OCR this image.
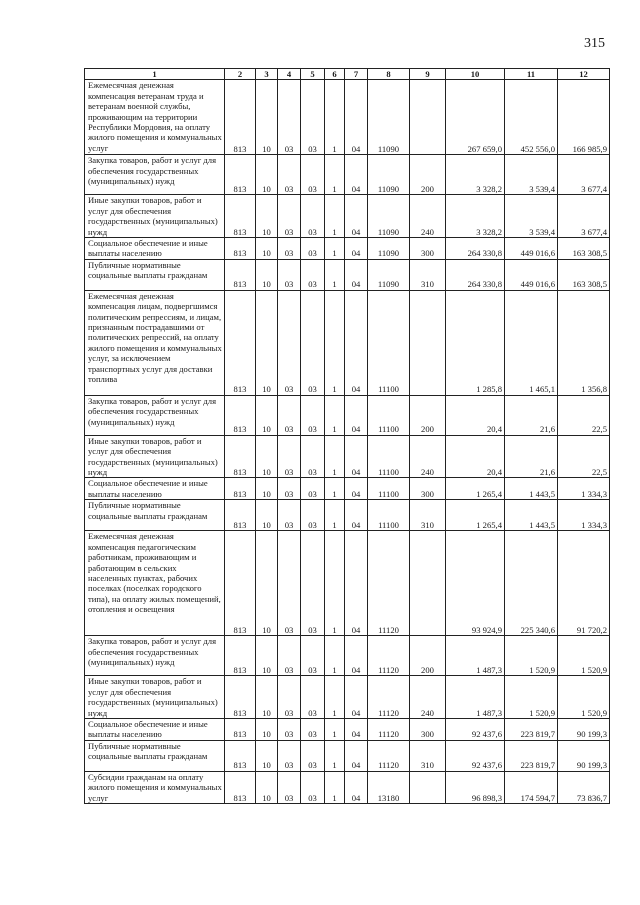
315
1	2	3	4	5	6	7	8	9	10	11	12
Ежемесячная денежная компенсация ветеранам труда и ветеранам военной службы, проживающим на территории Республики Мордовия, на оплату жилого помещения и коммунальных услуг	813	10	03	03	1	04	11090		267 659,0	452 556,0	166 985,9
Закупка товаров, работ и услуг для обеспечения государственных (муниципальных) нужд	813	10	03	03	1	04	11090	200	3 328,2	3 539,4	3 677,4
Иные закупки товаров, работ и услуг для обеспечения государственных (муниципальных) нужд	813	10	03	03	1	04	11090	240	3 328,2	3 539,4	3 677,4
Социальное обеспечение и иные выплаты населению	813	10	03	03	1	04	11090	300	264 330,8	449 016,6	163 308,5
Публичные нормативные социальные выплаты гражданам	813	10	03	03	1	04	11090	310	264 330,8	449 016,6	163 308,5
Ежемесячная денежная компенсация лицам, подвергшимся политическим репрессиям, и лицам, признанным пострадавшими от политических репрессий, на оплату жилого помещения и коммунальных услуг, за исключением транспортных услуг для доставки топлива	813	10	03	03	1	04	11100		1 285,8	1 465,1	1 356,8
Закупка товаров, работ и услуг для обеспечения государственных (муниципальных) нужд	813	10	03	03	1	04	11100	200	20,4	21,6	22,5
Иные закупки товаров, работ и услуг для обеспечения государственных (муниципальных) нужд	813	10	03	03	1	04	11100	240	20,4	21,6	22,5
Социальное обеспечение и иные выплаты населению	813	10	03	03	1	04	11100	300	1 265,4	1 443,5	1 334,3
Публичные нормативные социальные выплаты гражданам	813	10	03	03	1	04	11100	310	1 265,4	1 443,5	1 334,3
Ежемесячная денежная компенсация педагогическим работникам, проживающим и работающим в сельских населенных пунктах, рабочих поселках (поселках городского типа), на оплату жилых помещений, отопления и освещения	813	10	03	03	1	04	11120		93 924,9	225 340,6	91 720,2
Закупка товаров, работ и услуг для обеспечения государственных (муниципальных) нужд	813	10	03	03	1	04	11120	200	1 487,3	1 520,9	1 520,9
Иные закупки товаров, работ и услуг для обеспечения государственных (муниципальных) нужд	813	10	03	03	1	04	11120	240	1 487,3	1 520,9	1 520,9
Социальное обеспечение и иные выплаты населению	813	10	03	03	1	04	11120	300	92 437,6	223 819,7	90 199,3
Публичные нормативные социальные выплаты гражданам	813	10	03	03	1	04	11120	310	92 437,6	223 819,7	90 199,3
Субсидии гражданам на оплату жилого помещения и коммунальных услуг	813	10	03	03	1	04	13180		96 898,3	174 594,7	73 836,7
